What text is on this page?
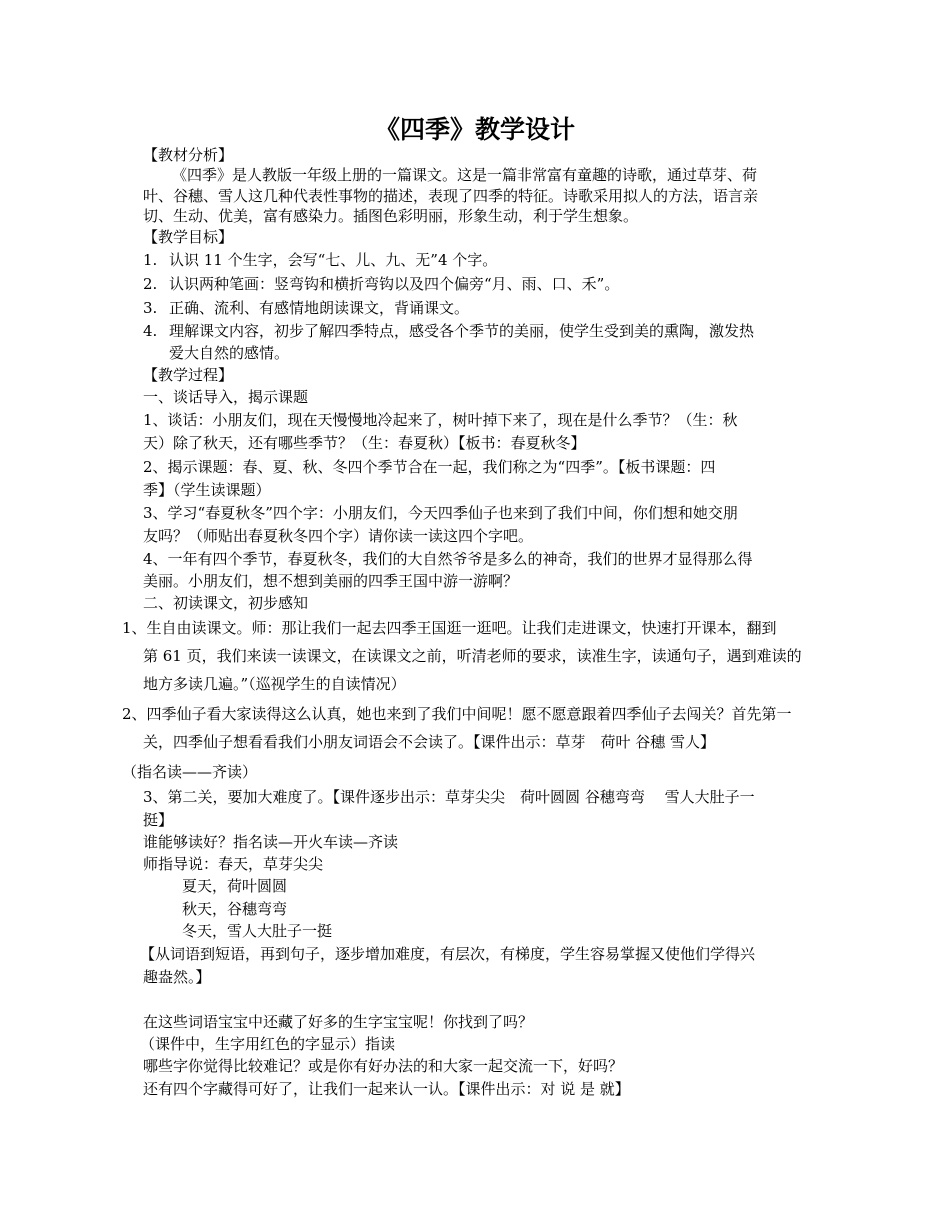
《四季》教学设计
【教材分析】
《四季》是人教版一年级上册的一篇课文。这是一篇非常富有童趣的诗歌，通过草芽、荷
叶、谷穗、雪人这几种代表性事物的描述，表现了四季的特征。诗歌采用拟人的方法，语言亲
切、生动、优美，富有感染力。插图色彩明丽，形象生动，利于学生想象。
【教学目标】
1. 认识 11 个生字，会写“七、儿、九、无”4 个字。
2. 认识两种笔画：竖弯钩和横折弯钩以及四个偏旁“月、雨、口、禾”。
3. 正确、流利、有感情地朗读课文，背诵课文。
4. 理解课文内容，初步了解四季特点，感受各个季节的美丽，使学生受到美的熏陶，激发热
爱大自然的感情。
【教学过程】
一、谈话导入，揭示课题
1、谈话：小朋友们，现在天慢慢地冷起来了，树叶掉下来了，现在是什么季节？（生：秋
天）除了秋天，还有哪些季节？（生：春夏秋）【板书：春夏秋冬】
2、揭示课题：春、夏、秋、冬四个季节合在一起，我们称之为“四季”。【板书课题：四
季】（学生读课题）
3、学习“春夏秋冬”四个字：小朋友们，今天四季仙子也来到了我们中间，你们想和她交朋
友吗？（师贴出春夏秋冬四个字）请你读一读这四个字吧。
4、一年有四个季节，春夏秋冬，我们的大自然爷爷是多么的神奇，我们的世界才显得那么得
美丽。小朋友们，想不想到美丽的四季王国中游一游啊？
二、初读课文，初步感知
1、生自由读课文。师：那让我们一起去四季王国逛一逛吧。让我们走进课文，快速打开课本，翻到
第 61 页，我们来读一读课文，在读课文之前，听清老师的要求，读准生字，读通句子，遇到难读的
地方多读几遍。”（巡视学生的自读情况）
2、四季仙子看大家读得这么认真，她也来到了我们中间呢！愿不愿意跟着四季仙子去闯关？首先第一
关，四季仙子想看看我们小朋友词语会不会读了。【课件出示：草芽　荷叶 谷穗 雪人】
（指名读——齐读）
3、第二关，要加大难度了。【课件逐步出示：草芽尖尖　荷叶圆圆 谷穗弯弯　 雪人大肚子一
挺】
谁能够读好？指名读—开火车读—齐读
师指导说：春天，草芽尖尖
夏天，荷叶圆圆
秋天，谷穗弯弯
冬天，雪人大肚子一挺
【从词语到短语，再到句子，逐步增加难度，有层次，有梯度，学生容易掌握又使他们学得兴
趣盎然。】
在这些词语宝宝中还藏了好多的生字宝宝呢！你找到了吗？
（课件中，生字用红色的字显示）指读
哪些字你觉得比较难记？或是你有好办法的和大家一起交流一下，好吗？
还有四个字藏得可好了，让我们一起来认一认。【课件出示：对 说 是 就】
